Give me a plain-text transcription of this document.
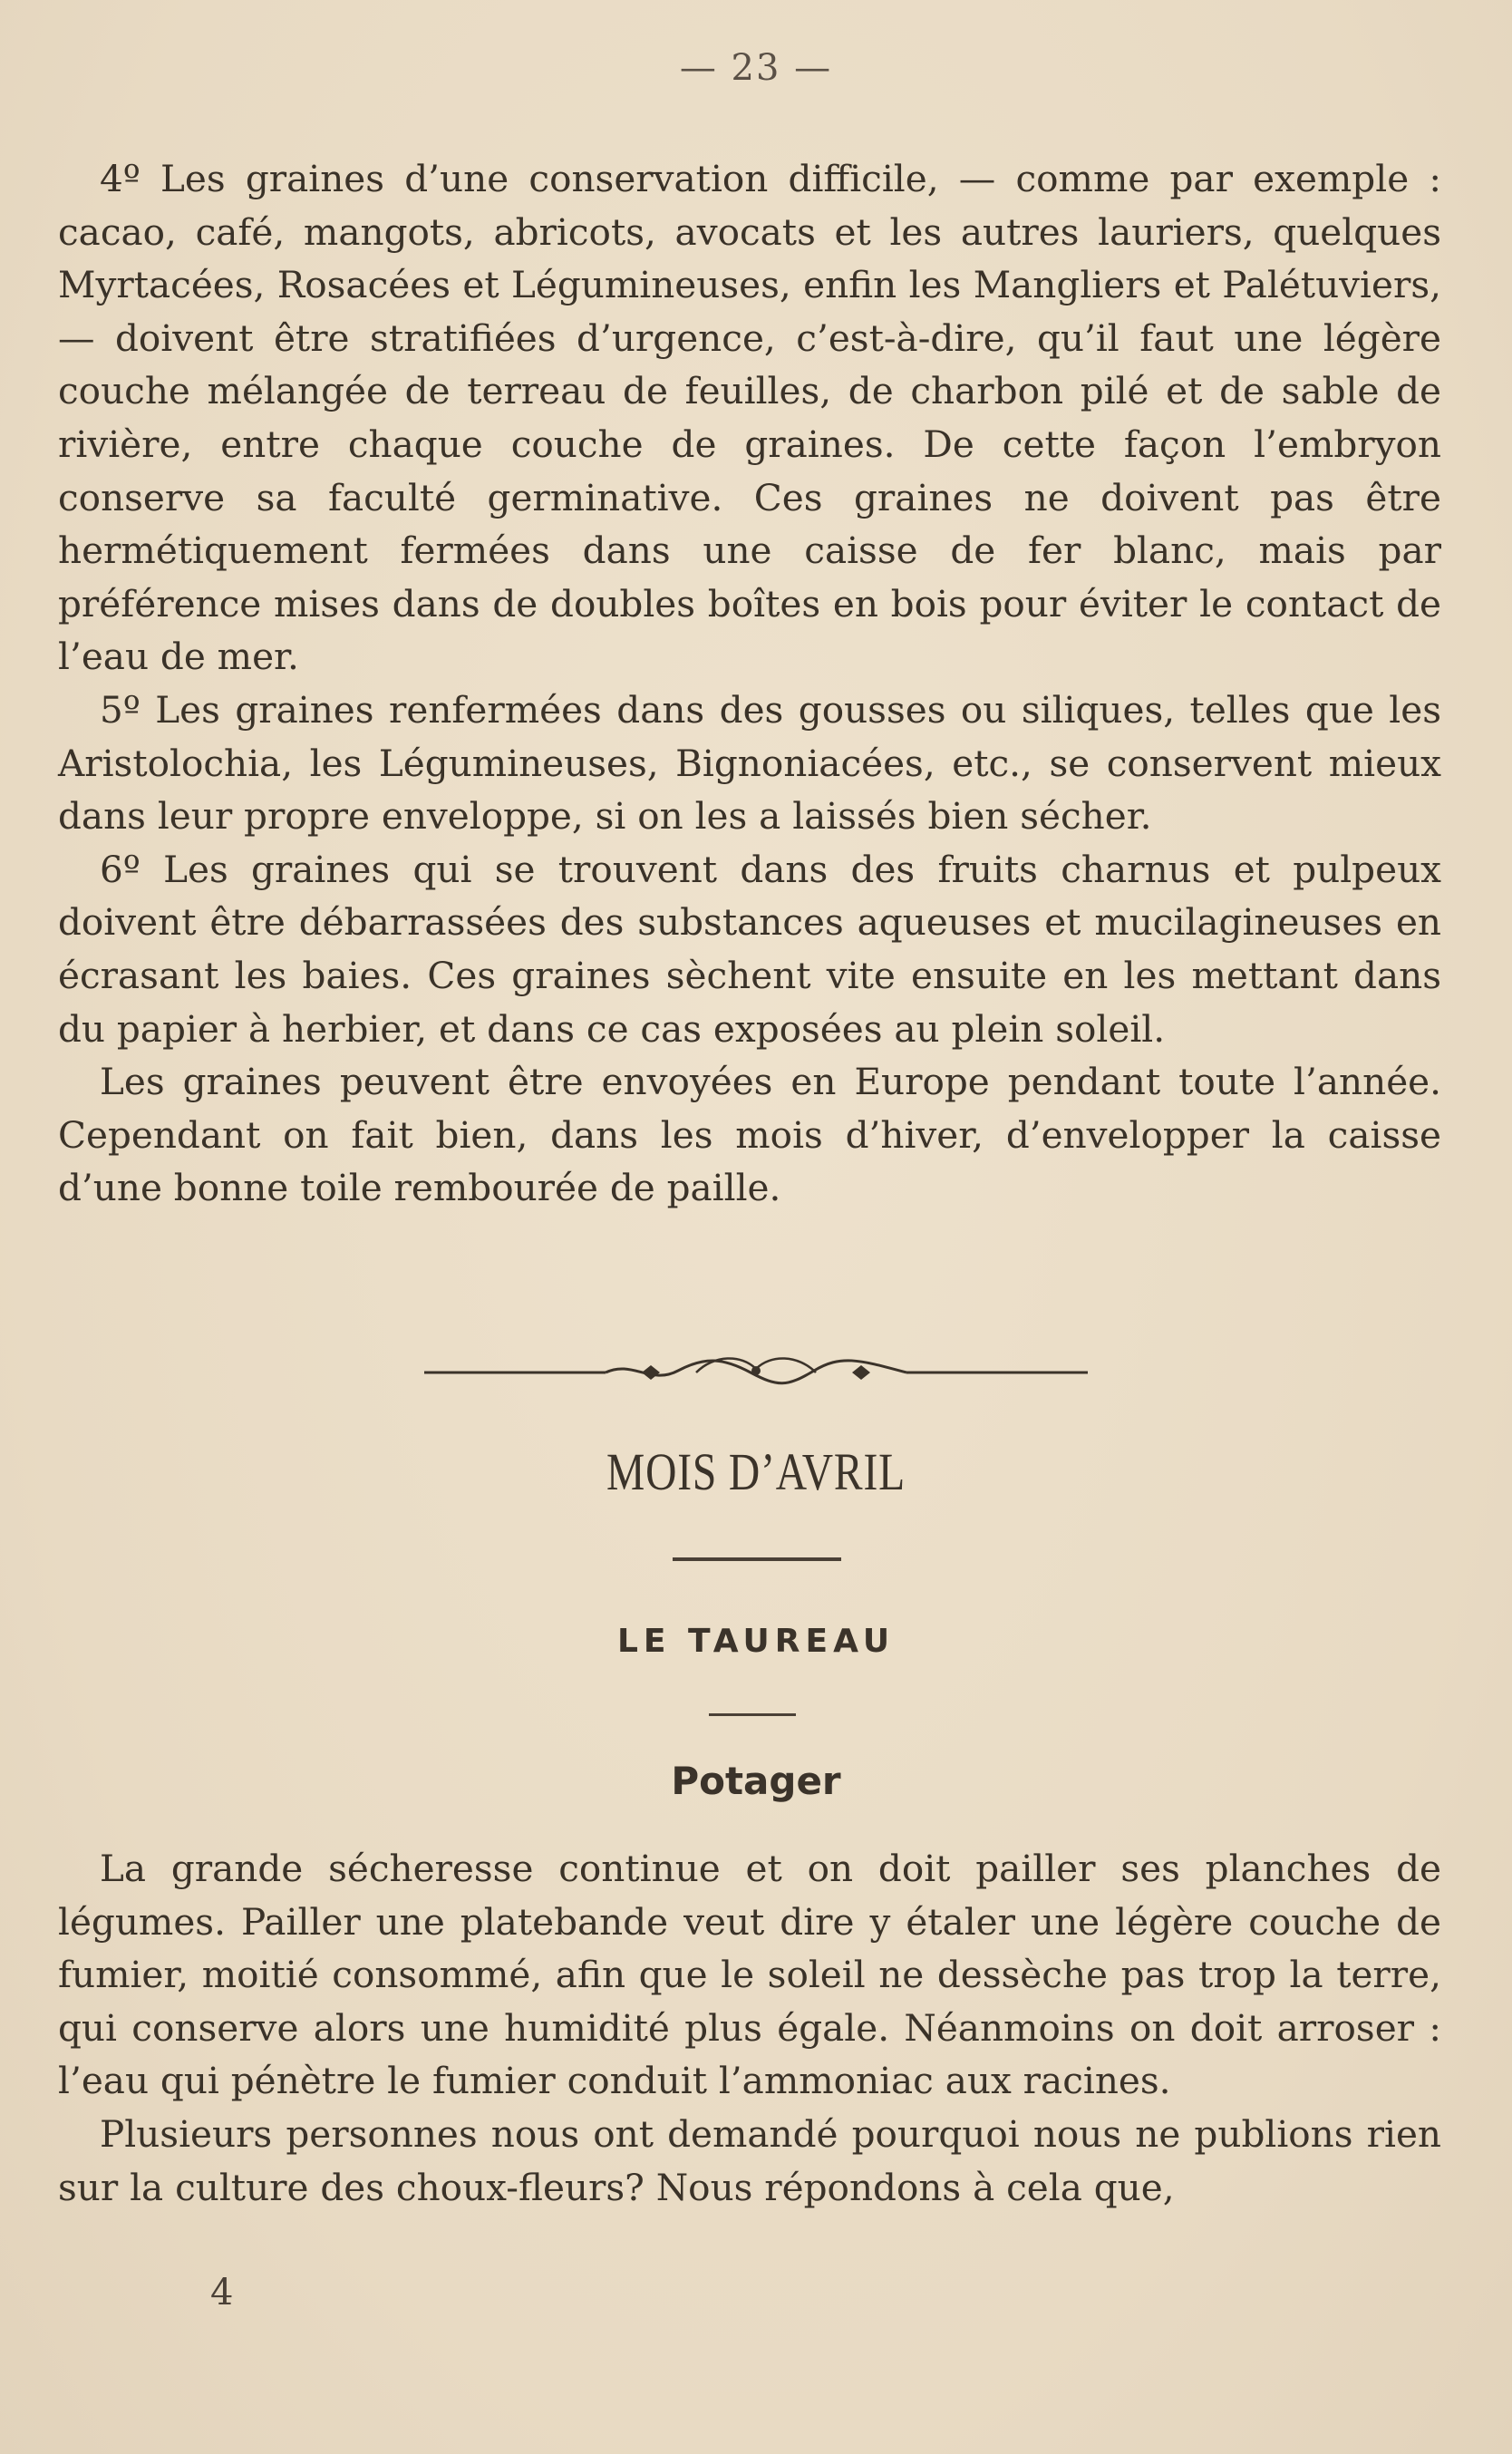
— 23 —

4º Les graines d’une conservation difficile, — comme par exemple : cacao, café, mangots, abricots, avocats et les autres lauriers, quelques Myrtacées, Rosacées et Légumineuses, enfin les Mangliers et Palétuviers, — doivent être stratifiées d’urgence, c’est-à-dire, qu’il faut une légère couche mélangée de terreau de feuilles, de charbon pilé et de sable de rivière, entre chaque couche de graines. De cette façon l’embryon conserve sa faculté germinative. Ces graines ne doivent pas être hermétiquement fermées dans une caisse de fer blanc, mais par préférence mises dans de doubles boîtes en bois pour éviter le contact de l’eau de mer.

5º Les graines renfermées dans des gousses ou siliques, telles que les Aristolochia, les Légumineuses, Bignoniacées, etc., se conservent mieux dans leur propre enveloppe, si on les a laissés bien sécher.

6º Les graines qui se trouvent dans des fruits charnus et pulpeux doivent être débarrassées des substances aqueuses et mucilagineuses en écrasant les baies. Ces graines sèchent vite ensuite en les mettant dans du papier à herbier, et dans ce cas exposées au plein soleil.

Les graines peuvent être envoyées en Europe pendant toute l’année. Cependant on fait bien, dans les mois d’hiver, d’envelopper la caisse d’une bonne toile rembourée de paille.

MOIS D’AVRIL
LE TAUREAU
Potager

La grande sécheresse continue et on doit pailler ses planches de légumes. Pailler une platebande veut dire y étaler une légère couche de fumier, moitié consommé, afin que le soleil ne dessèche pas trop la terre, qui conserve alors une humidité plus égale. Néanmoins on doit arroser : l’eau qui pénètre le fumier conduit l’ammoniac aux racines.

Plusieurs personnes nous ont demandé pourquoi nous ne publions rien sur la culture des choux-fleurs? Nous répondons à cela que,

4
